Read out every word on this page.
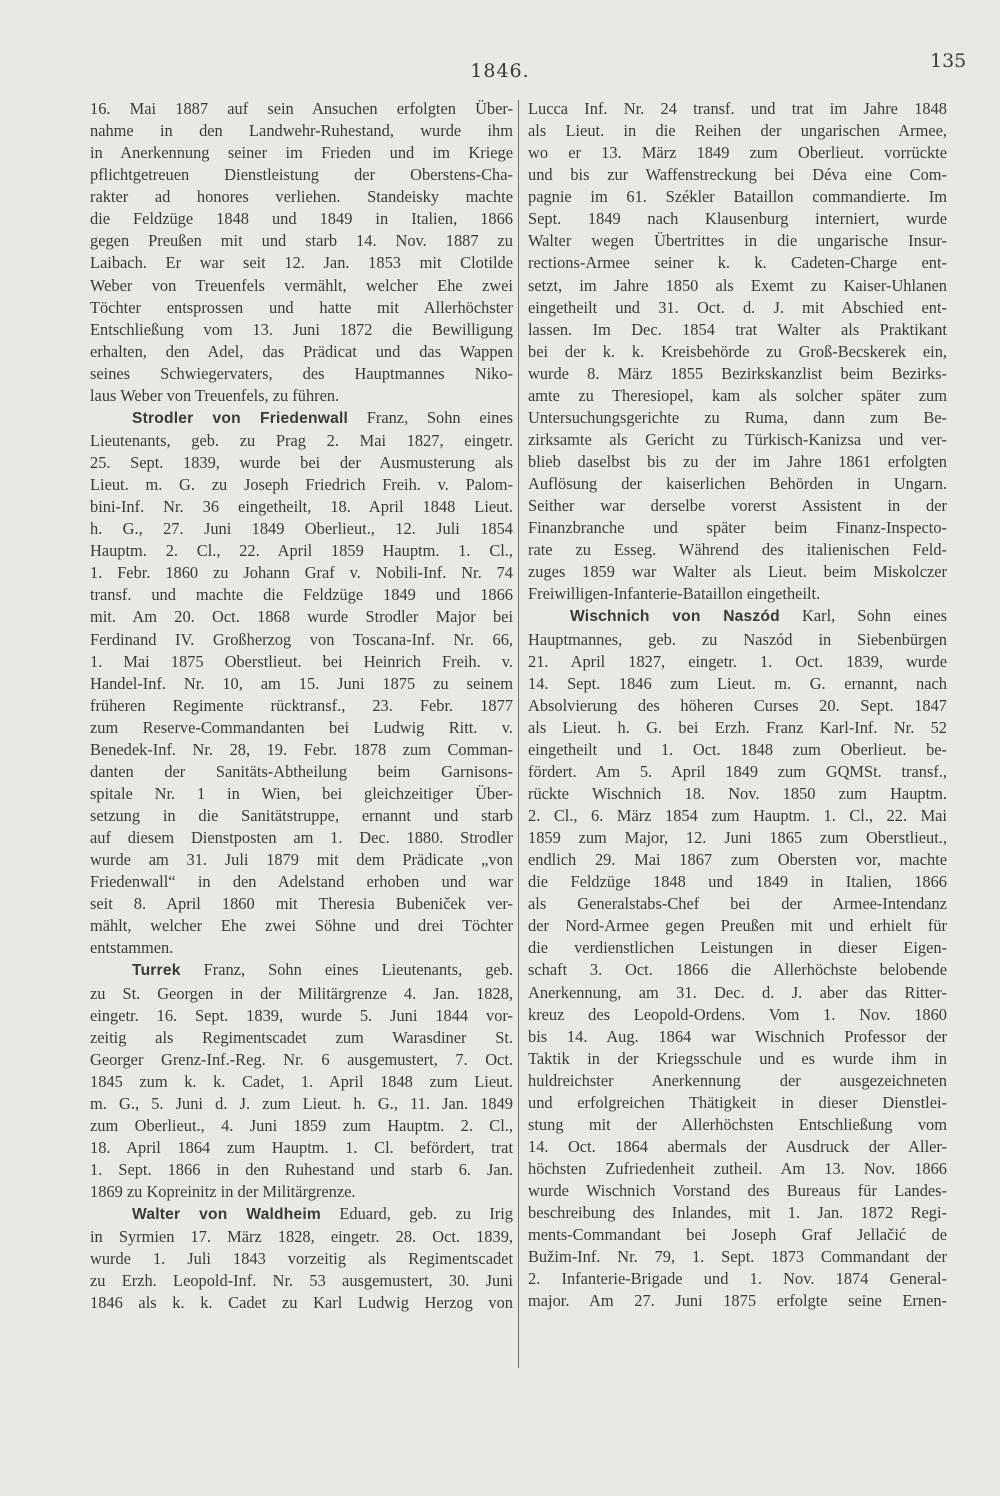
1846.	135
16. Mai 1887 auf sein Ansuchen erfolgten Über-
nahme in den Landwehr-Ruhestand, wurde ihm
in Anerkennung seiner im Frieden und im Kriege
pflichtgetreuen Dienstleistung der Oberstens-Cha-
rakter ad honores verliehen. Standeisky machte
die Feldzüge 1848 und 1849 in Italien, 1866
gegen Preußen mit und starb 14. Nov. 1887 zu
Laibach. Er war seit 12. Jan. 1853 mit Clotilde
Weber von Treuenfels vermählt, welcher Ehe zwei
Töchter entsprossen und hatte mit Allerhöchster
Entschließung vom 13. Juni 1872 die Bewilligung
erhalten, den Adel, das Prädicat und das Wappen
seines Schwiegervaters, des Hauptmannes Niko-
laus Weber von Treuenfels, zu führen.
Strodler von Friedenwall Franz, Sohn eines
Lieutenants, geb. zu Prag 2. Mai 1827, eingetr.
25. Sept. 1839, wurde bei der Ausmusterung als
Lieut. m. G. zu Joseph Friedrich Freih. v. Palom-
bini-Inf. Nr. 36 eingetheilt, 18. April 1848 Lieut.
h. G., 27. Juni 1849 Oberlieut., 12. Juli 1854
Hauptm. 2. Cl., 22. April 1859 Hauptm. 1. Cl.,
1. Febr. 1860 zu Johann Graf v. Nobili-Inf. Nr. 74
transf. und machte die Feldzüge 1849 und 1866
mit. Am 20. Oct. 1868 wurde Strodler Major bei
Ferdinand IV. Großherzog von Toscana-Inf. Nr. 66,
1. Mai 1875 Oberstlieut. bei Heinrich Freih. v.
Handel-Inf. Nr. 10, am 15. Juni 1875 zu seinem
früheren Regimente rücktransf., 23. Febr. 1877
zum Reserve-Commandanten bei Ludwig Ritt. v.
Benedek-Inf. Nr. 28, 19. Febr. 1878 zum Comman-
danten der Sanitäts-Abtheilung beim Garnisons-
spitale Nr. 1 in Wien, bei gleichzeitiger Über-
setzung in die Sanitätstruppe, ernannt und starb
auf diesem Dienstposten am 1. Dec. 1880. Strodler
wurde am 31. Juli 1879 mit dem Prädicate „von
Friedenwall“ in den Adelstand erhoben und war
seit 8. April 1860 mit Theresia Bubeniček ver-
mählt, welcher Ehe zwei Söhne und drei Töchter
entstammen.
Turrek Franz, Sohn eines Lieutenants, geb.
zu St. Georgen in der Militärgrenze 4. Jan. 1828,
eingetr. 16. Sept. 1839, wurde 5. Juni 1844 vor-
zeitig als Regimentscadet zum Warasdiner St.
Georger Grenz-Inf.-Reg. Nr. 6 ausgemustert, 7. Oct.
1845 zum k. k. Cadet, 1. April 1848 zum Lieut.
m. G., 5. Juni d. J. zum Lieut. h. G., 11. Jan. 1849
zum Oberlieut., 4. Juni 1859 zum Hauptm. 2. Cl.,
18. April 1864 zum Hauptm. 1. Cl. befördert, trat
1. Sept. 1866 in den Ruhestand und starb 6. Jan.
1869 zu Kopreinitz in der Militärgrenze.
Walter von Waldheim Eduard, geb. zu Irig
in Syrmien 17. März 1828, eingetr. 28. Oct. 1839,
wurde 1. Juli 1843 vorzeitig als Regimentscadet
zu Erzh. Leopold-Inf. Nr. 53 ausgemustert, 30. Juni
1846 als k. k. Cadet zu Karl Ludwig Herzog von
Lucca Inf. Nr. 24 transf. und trat im Jahre 1848
als Lieut. in die Reihen der ungarischen Armee,
wo er 13. März 1849 zum Oberlieut. vorrückte
und bis zur Waffenstreckung bei Déva eine Com-
pagnie im 61. Székler Bataillon commandierte. Im
Sept. 1849 nach Klausenburg interniert, wurde
Walter wegen Übertrittes in die ungarische Insur-
rections-Armee seiner k. k. Cadeten-Charge ent-
setzt, im Jahre 1850 als Exemt zu Kaiser-Uhlanen
eingetheilt und 31. Oct. d. J. mit Abschied ent-
lassen. Im Dec. 1854 trat Walter als Praktikant
bei der k. k. Kreisbehörde zu Groß-Becskerek ein,
wurde 8. März 1855 Bezirkskanzlist beim Bezirks-
amte zu Theresiopel, kam als solcher später zum
Untersuchungsgerichte zu Ruma, dann zum Be-
zirksamte als Gericht zu Türkisch-Kanizsa und ver-
blieb daselbst bis zu der im Jahre 1861 erfolgten
Auflösung der kaiserlichen Behörden in Ungarn.
Seither war derselbe vorerst Assistent in der
Finanzbranche und später beim Finanz-Inspecto-
rate zu Esseg. Während des italienischen Feld-
zuges 1859 war Walter als Lieut. beim Miskolczer
Freiwilligen-Infanterie-Bataillon eingetheilt.
Wischnich von Naszód Karl, Sohn eines
Hauptmannes, geb. zu Naszód in Siebenbürgen
21. April 1827, eingetr. 1. Oct. 1839, wurde
14. Sept. 1846 zum Lieut. m. G. ernannt, nach
Absolvierung des höheren Curses 20. Sept. 1847
als Lieut. h. G. bei Erzh. Franz Karl-Inf. Nr. 52
eingetheilt und 1. Oct. 1848 zum Oberlieut. be-
fördert. Am 5. April 1849 zum GQMSt. transf.,
rückte Wischnich 18. Nov. 1850 zum Hauptm.
2. Cl., 6. März 1854 zum Hauptm. 1. Cl., 22. Mai
1859 zum Major, 12. Juni 1865 zum Oberstlieut.,
endlich 29. Mai 1867 zum Obersten vor, machte
die Feldzüge 1848 und 1849 in Italien, 1866
als Generalstabs-Chef bei der Armee-Intendanz
der Nord-Armee gegen Preußen mit und erhielt für
die verdienstlichen Leistungen in dieser Eigen-
schaft 3. Oct. 1866 die Allerhöchste belobende
Anerkennung, am 31. Dec. d. J. aber das Ritter-
kreuz des Leopold-Ordens. Vom 1. Nov. 1860
bis 14. Aug. 1864 war Wischnich Professor der
Taktik in der Kriegsschule und es wurde ihm in
huldreichster Anerkennung der ausgezeichneten
und erfolgreichen Thätigkeit in dieser Dienstlei-
stung mit der Allerhöchsten Entschließung vom
14. Oct. 1864 abermals der Ausdruck der Aller-
höchsten Zufriedenheit zutheil. Am 13. Nov. 1866
wurde Wischnich Vorstand des Bureaus für Landes-
beschreibung des Inlandes, mit 1. Jan. 1872 Regi-
ments-Commandant bei Joseph Graf Jellačić de
Bužim-Inf. Nr. 79, 1. Sept. 1873 Commandant der
2. Infanterie-Brigade und 1. Nov. 1874 General-
major. Am 27. Juni 1875 erfolgte seine Ernen-
